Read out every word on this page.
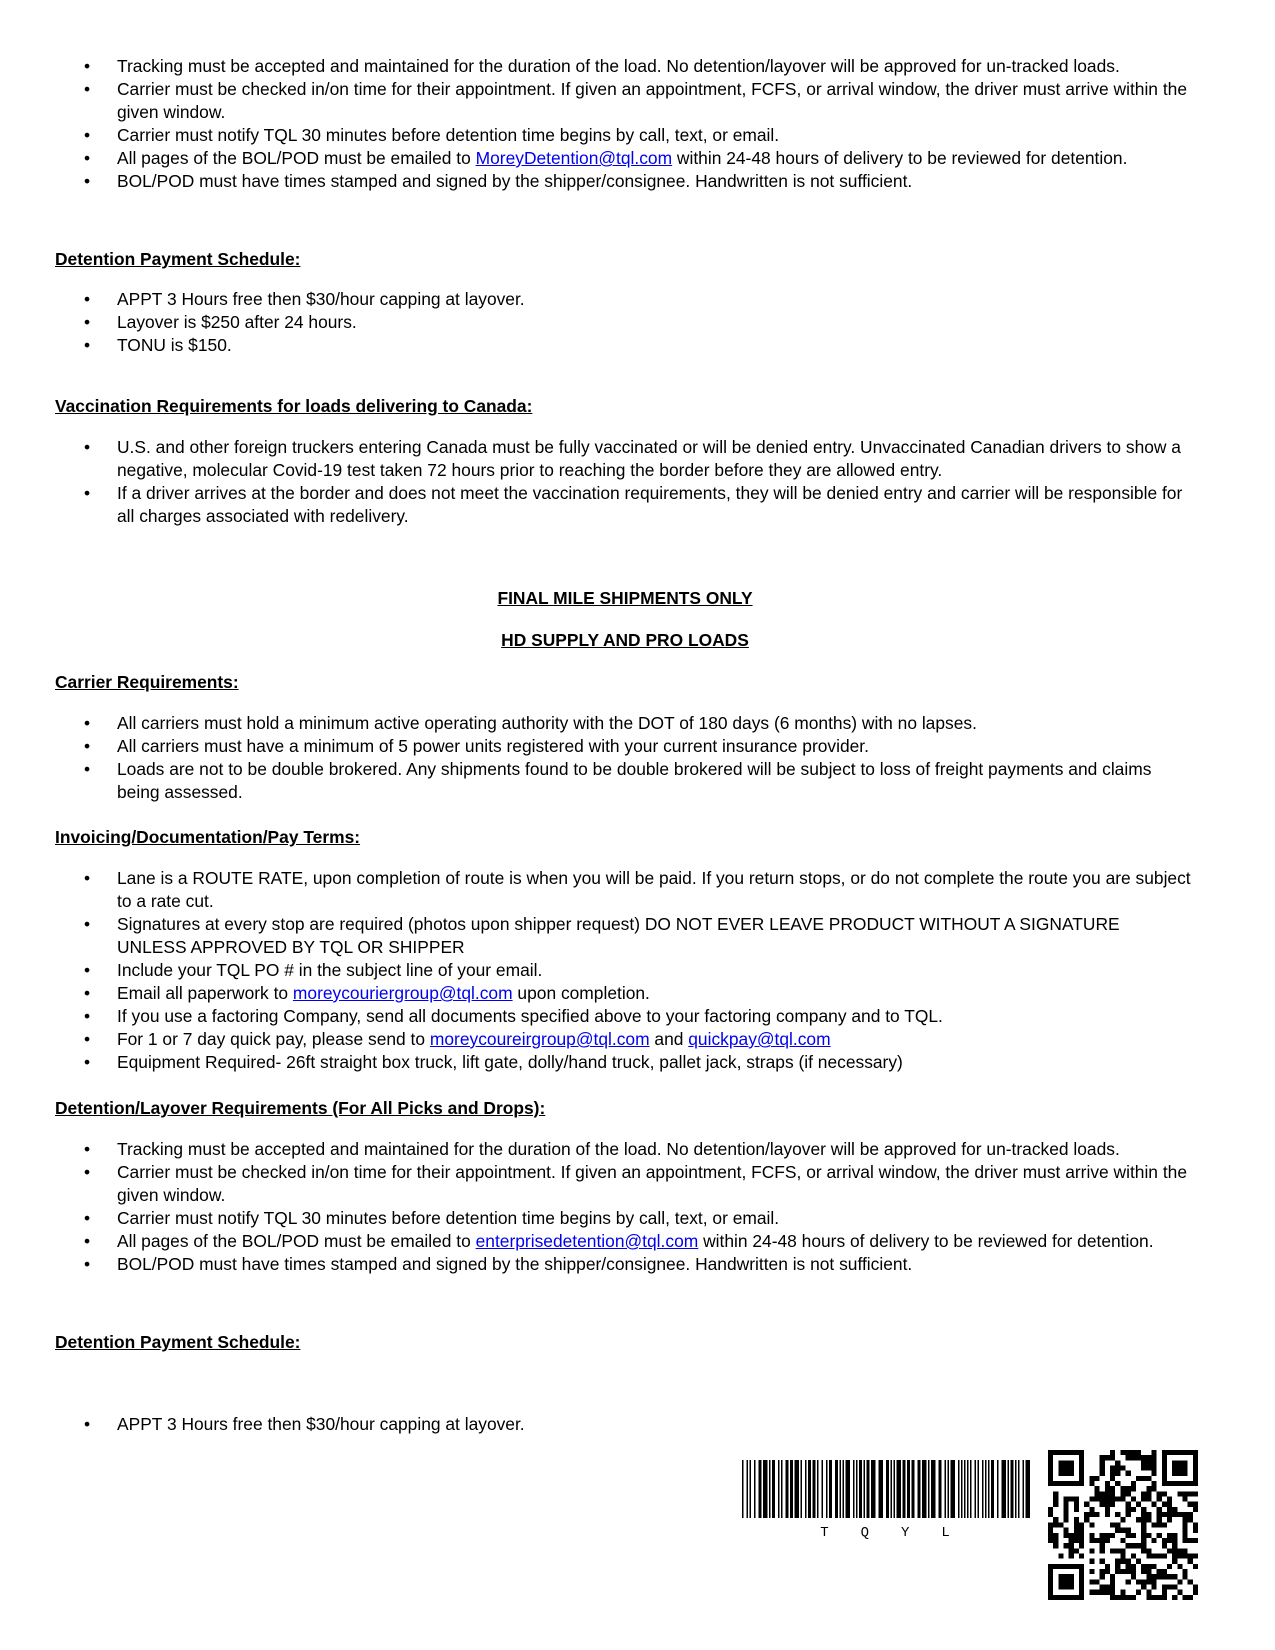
• Tracking must be accepted and maintained for the duration of the load. No detention/layover will be approved for un-tracked loads.
• Carrier must be checked in/on time for their appointment. If given an appointment, FCFS, or arrival window, the driver must arrive within the given window.
• Carrier must notify TQL 30 minutes before detention time begins by call, text, or email.
• All pages of the BOL/POD must be emailed to MoreyDetention@tql.com within 24-48 hours of delivery to be reviewed for detention.
• BOL/POD must have times stamped and signed by the shipper/consignee. Handwritten is not sufficient.
Detention Payment Schedule:
• APPT 3 Hours free then $30/hour capping at layover.
• Layover is $250 after 24 hours.
• TONU is $150.
Vaccination Requirements for loads delivering to Canada:
• U.S. and other foreign truckers entering Canada must be fully vaccinated or will be denied entry. Unvaccinated Canadian drivers to show a negative, molecular Covid-19 test taken 72 hours prior to reaching the border before they are allowed entry.
• If a driver arrives at the border and does not meet the vaccination requirements, they will be denied entry and carrier will be responsible for all charges associated with redelivery.
FINAL MILE SHIPMENTS ONLY
HD SUPPLY AND PRO LOADS
Carrier Requirements:
• All carriers must hold a minimum active operating authority with the DOT of 180 days (6 months) with no lapses.
• All carriers must have a minimum of 5 power units registered with your current insurance provider.
• Loads are not to be double brokered. Any shipments found to be double brokered will be subject to loss of freight payments and claims being assessed.
Invoicing/Documentation/Pay Terms:
• Lane is a ROUTE RATE, upon completion of route is when you will be paid. If you return stops, or do not complete the route you are subject to a rate cut.
• Signatures at every stop are required (photos upon shipper request) DO NOT EVER LEAVE PRODUCT WITHOUT A SIGNATURE UNLESS APPROVED BY TQL OR SHIPPER
• Include your TQL PO # in the subject line of your email.
• Email all paperwork to moreycouriergroup@tql.com upon completion.
• If you use a factoring Company, send all documents specified above to your factoring company and to TQL.
• For 1 or 7 day quick pay, please send to moreycoureirgroup@tql.com and quickpay@tql.com
• Equipment Required- 26ft straight box truck, lift gate, dolly/hand truck, pallet jack, straps (if necessary)
Detention/Layover Requirements (For All Picks and Drops):
• Tracking must be accepted and maintained for the duration of the load. No detention/layover will be approved for un-tracked loads.
• Carrier must be checked in/on time for their appointment. If given an appointment, FCFS, or arrival window, the driver must arrive within the given window.
• Carrier must notify TQL 30 minutes before detention time begins by call, text, or email.
• All pages of the BOL/POD must be emailed to enterprisedetention@tql.com within 24-48 hours of delivery to be reviewed for detention.
• BOL/POD must have times stamped and signed by the shipper/consignee. Handwritten is not sufficient.
Detention Payment Schedule:
• APPT 3 Hours free then $30/hour capping at layover.
T Q Y L
